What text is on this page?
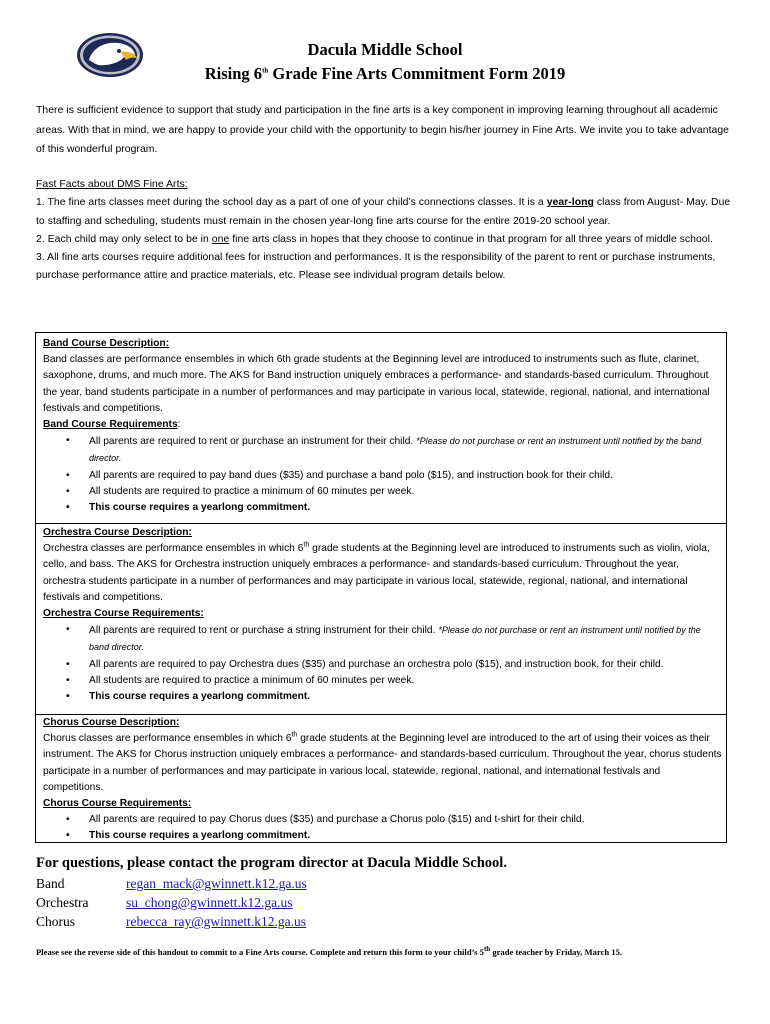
Dacula Middle School
Rising 6th Grade Fine Arts Commitment Form 2019
There is sufficient evidence to support that study and participation in the fine arts is a key component in improving learning throughout all academic areas. With that in mind, we are happy to provide your child with the opportunity to begin his/her journey in Fine Arts. We invite you to take advantage of this wonderful program.
Fast Facts about DMS Fine Arts:
1. The fine arts classes meet during the school day as a part of one of your child’s connections classes. It is a year-long class from August- May. Due to staffing and scheduling, students must remain in the chosen year-long fine arts course for the entire 2019-20 school year.
2. Each child may only select to be in one fine arts class in hopes that they choose to continue in that program for all three years of middle school.
3. All fine arts courses require additional fees for instruction and performances. It is the responsibility of the parent to rent or purchase instruments, purchase performance attire and practice materials, etc. Please see individual program details below.

Band Course Description:

Band classes are performance ensembles in which 6th grade students at the Beginning level are introduced to instruments such as flute, clarinet, saxophone, drums, and much more. The AKS for Band instruction uniquely embraces a performance- and standards-based curriculum. Throughout the year, band students participate in a number of performances and may participate in various local, statewide, regional, national, and international festivals and competitions.

Band Course Requirements:

• All parents are required to rent or purchase an instrument for their child. *Please do not purchase or rent an instrument until notified by the band director.
• All parents are required to pay band dues ($35) and purchase a band polo ($15), and instruction book for their child.
• All students are required to practice a minimum of 60 minutes per week.
• This course requires a yearlong commitment.

Orchestra Course Description:

Orchestra classes are performance ensembles in which 6th grade students at the Beginning level are introduced to instruments such as violin, viola, cello, and bass. The AKS for Orchestra instruction uniquely embraces a performance- and standards-based curriculum. Throughout the year, orchestra students participate in a number of performances and may participate in various local, statewide, regional, national, and international festivals and competitions.

Orchestra Course Requirements:

• All parents are required to rent or purchase a string instrument for their child. *Please do not purchase or rent an instrument until notified by the band director.
• All parents are required to pay Orchestra dues ($35) and purchase an orchestra polo ($15), and instruction book, for their child.
• All students are required to practice a minimum of 60 minutes per week.
• This course requires a yearlong commitment.

Chorus Course Description:

Chorus classes are performance ensembles in which 6th grade students at the Beginning level are introduced to the art of using their voices as their instrument. The AKS for Chorus instruction uniquely embraces a performance- and standards-based curriculum. Throughout the year, chorus students participate in a number of performances and may participate in various local, statewide, regional, national, and international festivals and competitions.

Chorus Course Requirements:

• All parents are required to pay Chorus dues ($35) and purchase a Chorus polo ($15) and t-shirt for their child.
• This course requires a yearlong commitment.
For questions, please contact the program director at Dacula Middle School.
Band	regan_mack@gwinnett.k12.ga.us
Orchestra	su_chong@gwinnett.k12.ga.us
Chorus	rebecca_ray@gwinnett.k12.ga.us
Please see the reverse side of this handout to commit to a Fine Arts course. Complete and return this form to your child’s 5th grade teacher by Friday, March 15.
